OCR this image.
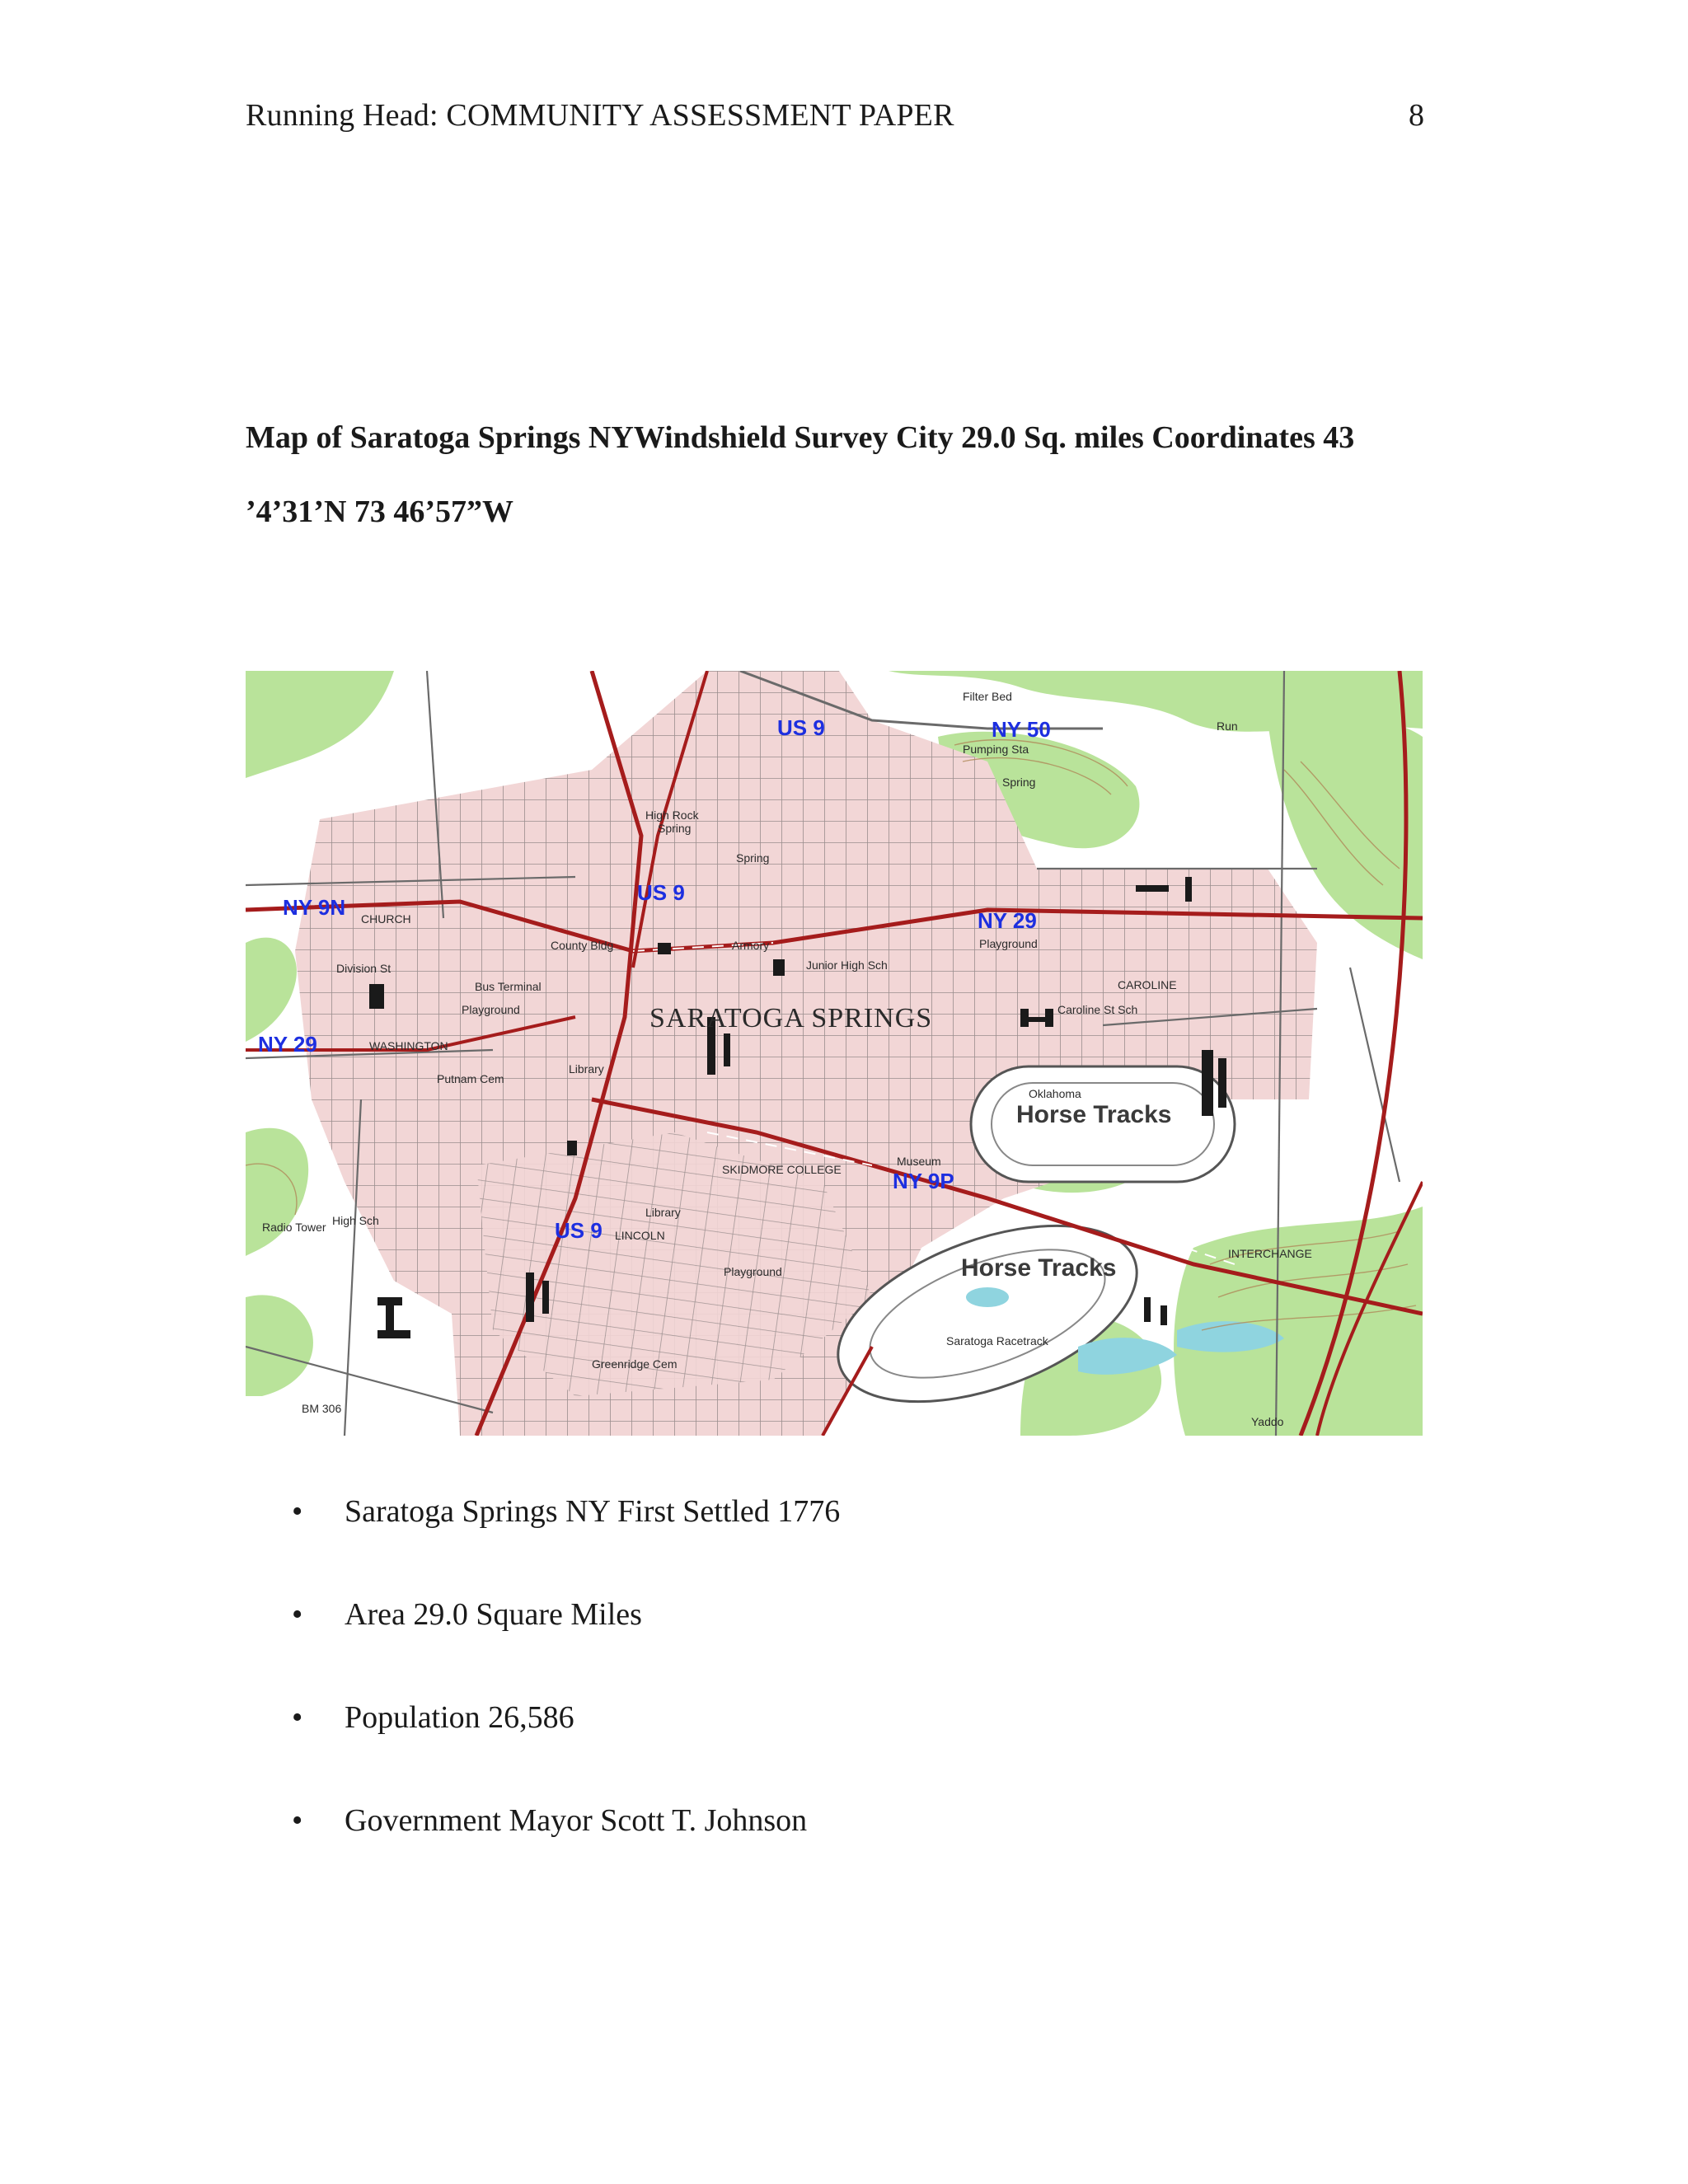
Running Head: COMMUNITY ASSESSMENT PAPER	8
Map of Saratoga Springs NYWindshield Survey City 29.0 Sq. miles Coordinates 43
’4’31’N 73 46’57”W
US 9	NY 50
NY 9N
US 9
NY 29
NY 29
NY 9P
US 9
SARATOGA SPRINGS
Horse Tracks
Horse Tracks
High Rock
Spring
Spring
County Bldg
Bus Terminal
Playground
Library
Armory
Junior High Sch
Caroline St Sch
Playground
SKIDMORE COLLEGE
Library
Playground
Greenridge Cem
Radio Tower High Sch
Oklahoma
Saratoga Racetrack
INTERCHANGE
Yaddo
Museum
Filter Bed
Pumping Sta
Division St
Putnam Cem
WASHINGTON
CHURCH
CAROLINE
LINCOLN
BM 306
Run
Spring
• Saratoga Springs NY First Settled 1776
• Area 29.0 Square Miles
• Population 26,586
• Government Mayor Scott T. Johnson
